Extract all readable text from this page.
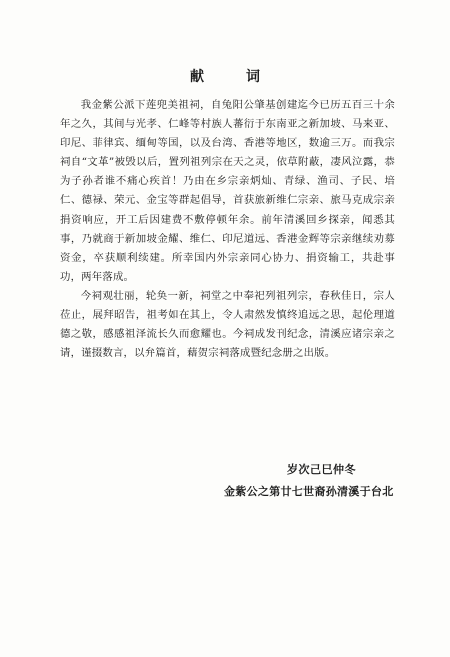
献词

我金紫公派下莲兜美祖祠，自兔阳公肇基创建迄今已历五百三十余年之久，其间与光孝、仁峰等村族人蕃衍于东南亚之新加坡、马来亚、印尼、菲律宾、缅甸等国，以及台湾、香港等地区，数逾三万。而我宗祠自“文革”被毁以后，置列祖列宗在天之灵，依草附蔽，凄风泣露，恭为子孙者谁不痛心疾首！乃由在乡宗亲炳灿、青绿、渔司、子民、培仁、德禄、荣元、金宝等群起倡导，首获旅新维仁宗亲、旅马克成宗亲捐资响应，开工后因建费不敷停顿年余。前年清溪回乡探亲，闻悉其事，乃就商于新加坡金耀、维仁、印尼道远、香港金辉等宗亲继续劝募资金，卒获顺利续建。所幸国内外宗亲同心协力、捐资输工，共赴事功，两年落成。

今祠观壮丽，轮奂一新，祠堂之中奉祀列祖列宗，春秋佳日，宗人莅止，展拜昭告，祖考如在其上，令人肃然发慎终追远之思，起伦理道德之敬，感感祖泽流长久而愈耀也。今祠成发刊纪念，清溪应诸宗亲之请，谨掇数言，以弁篇首，藉贺宗祠落成暨纪念册之出版。

岁次己巳仲冬
金紫公之第廿七世裔孙清溪于台北
